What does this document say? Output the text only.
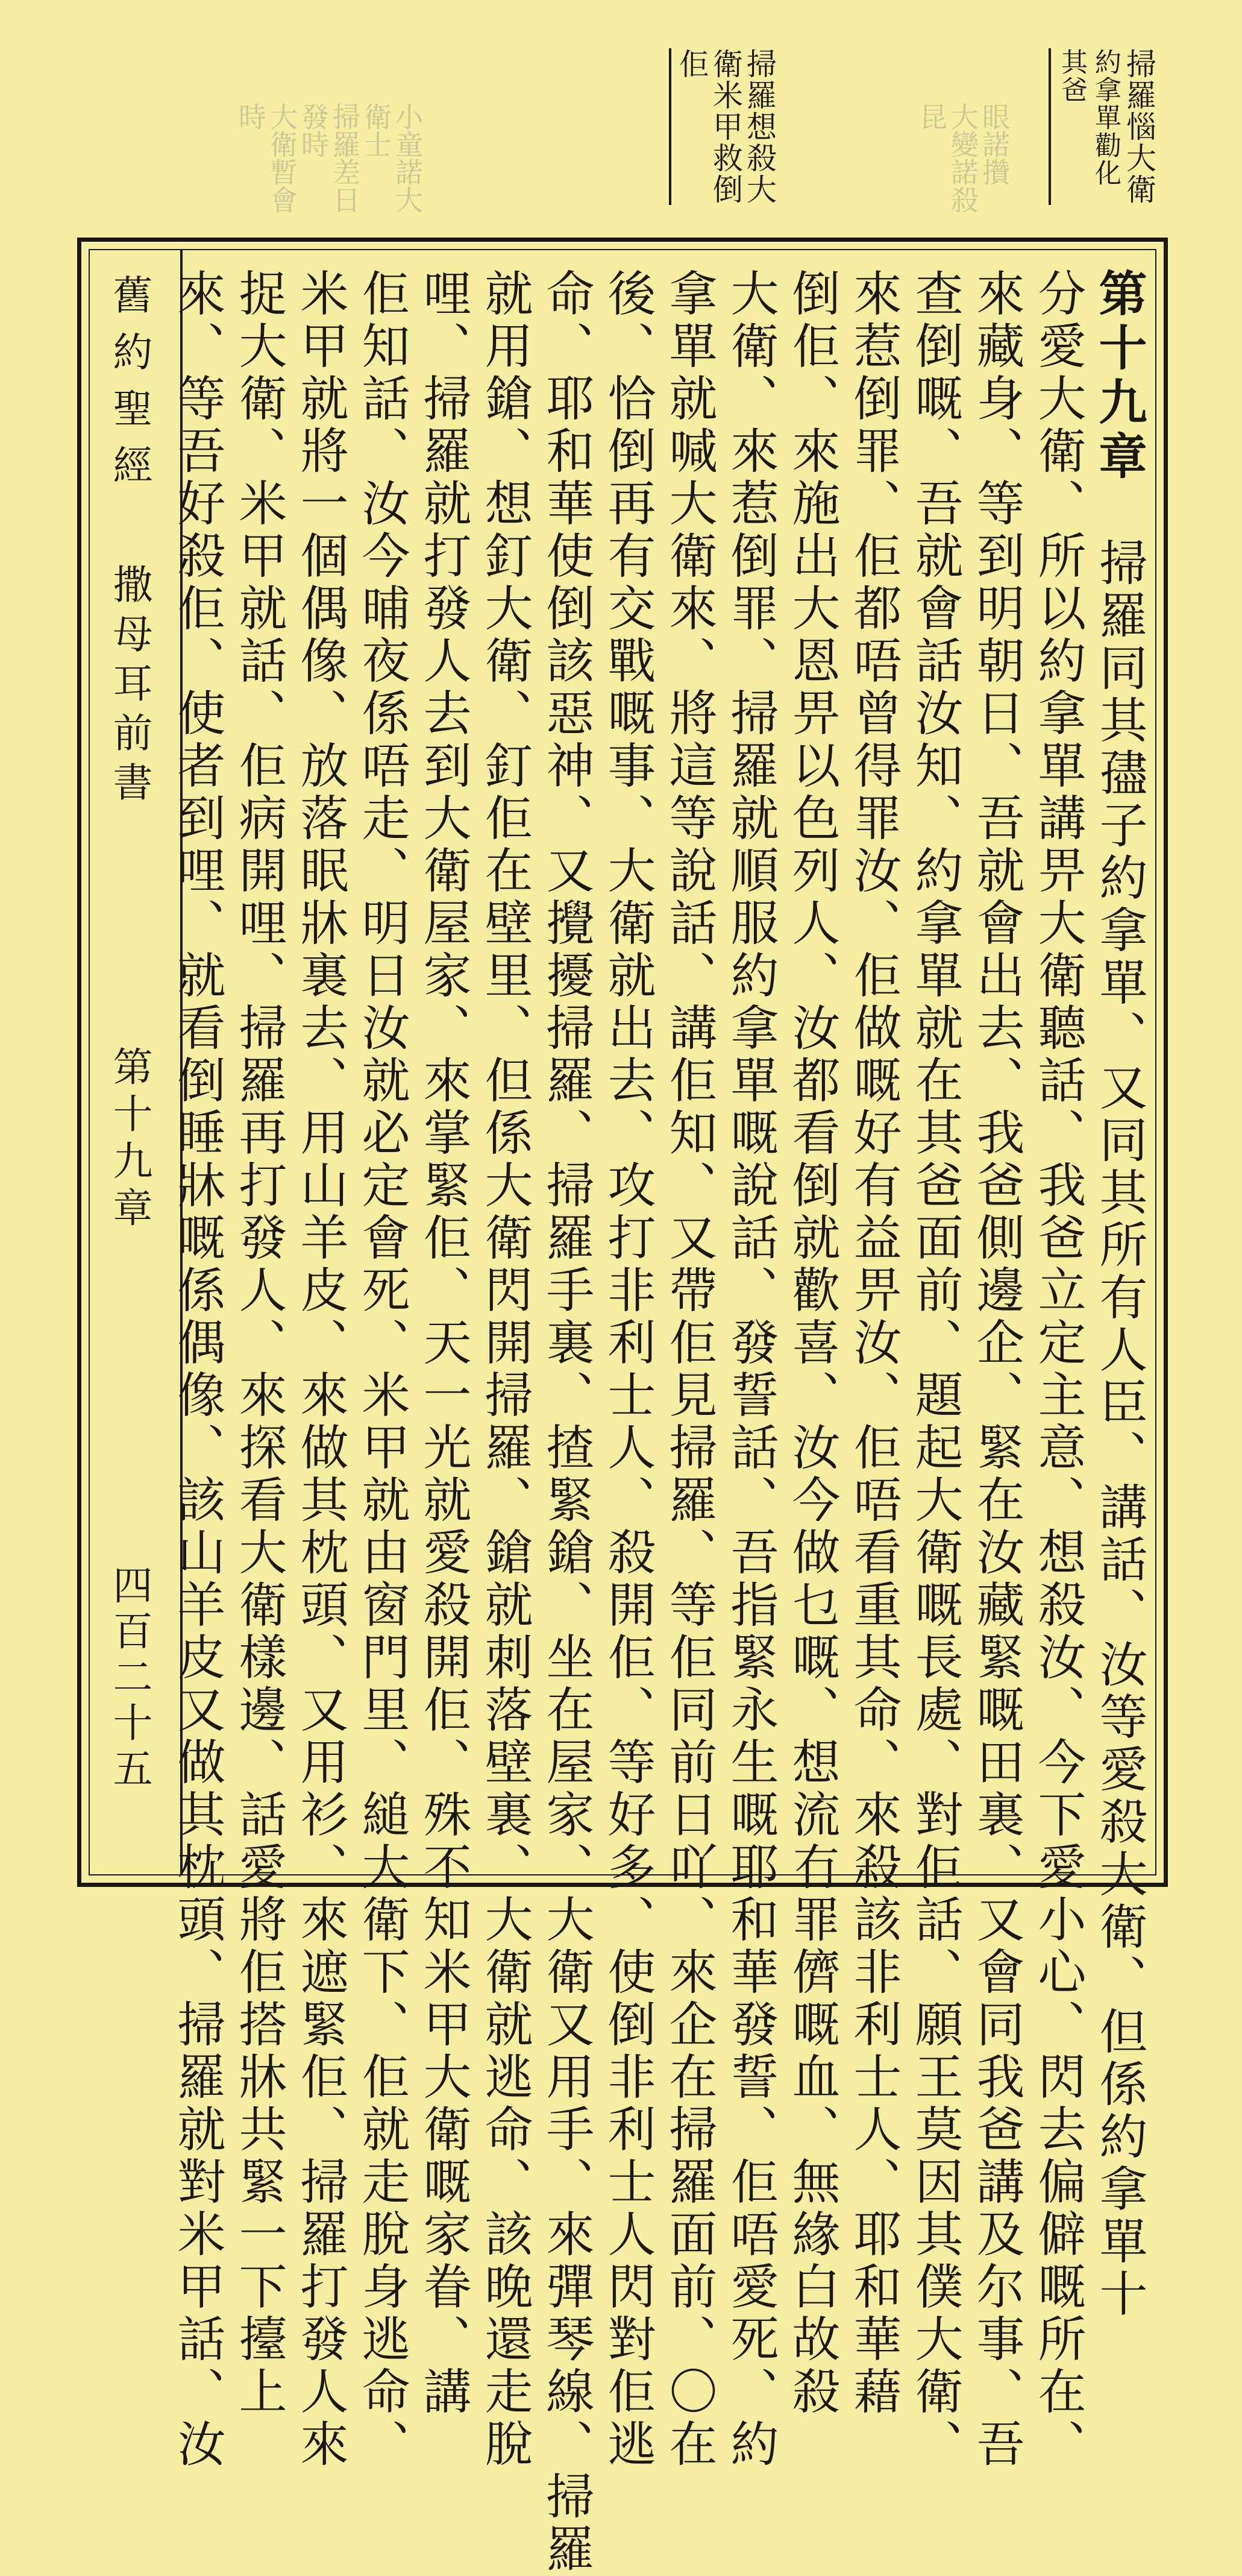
掃羅惱大衛
約拿單勸化
其爸
眼諾攢
大變諾殺
昆
掃羅想殺大
衛米甲救倒
佢
小童諾大衛士
掃羅差日發時
大衛暫會時
舊約聖經
撒母耳前書
第十九章
四百二十五
第十九章　掃羅同其孻子約拿單、又同其所有人臣、講話、汝等愛殺大衛、但係約拿單十
分愛大衛、所以約拿單講畀大衛聽話、我爸立定主意、想殺汝、今下愛小心、閃去偏僻嘅所在、
來藏身、等到明朝日、吾就會出去、我爸側邊企、緊在汝藏緊嘅田裏、又會同我爸講及尔事、吾
查倒嘅、吾就會話汝知、約拿單就在其爸面前、題起大衛嘅長處、對佢話、願王莫因其僕大衛、
來惹倒罪、佢都唔曾得罪汝、佢做嘅好有益畀汝、佢唔看重其命、來殺該非利士人、耶和華藉
倒佢、來施出大恩畀以色列人、汝都看倒就歡喜、汝今做乜嘅、想流冇罪儕嘅血、無緣白故殺
大衛、來惹倒罪、掃羅就順服約拿單嘅說話、發誓話、吾指緊永生嘅耶和華發誓、佢唔愛死、約
拿單就喊大衛來、將這等說話、講佢知、又帶佢見掃羅、等佢同前日吖、來企在掃羅面前、〇在
後、恰倒再有交戰嘅事、大衛就出去、攻打非利士人、殺開佢、等好多、使倒非利士人閃對佢逃
命、耶和華使倒該惡神、又攪擾掃羅、掃羅手裏、揸緊鎗、坐在屋家、大衛又用手、來彈琴線、掃羅
就用鎗、想釘大衛、釘佢在壁里、但係大衛閃開掃羅、鎗就刺落壁裏、大衛就逃命、該晚還走脫
哩、掃羅就打發人去到大衛屋家、來掌緊佢、天一光就愛殺開佢、殊不知米甲大衛嘅家眷、講
佢知話、汝今晡夜係唔走、明日汝就必定會死、米甲就由窗門里、縋大衛下、佢就走脫身逃命、
米甲就將一個偶像、放落眠牀裏去、用山羊皮、來做其枕頭、又用衫、來遮緊佢、掃羅打發人來
捉大衛、米甲就話、佢病開哩、掃羅再打發人、來探看大衛樣邊、話愛將佢搭牀共緊一下擡上
來、等吾好殺佢、使者到哩、就看倒睡牀嘅係偶像、該山羊皮又做其枕頭、掃羅就對米甲話、汝
